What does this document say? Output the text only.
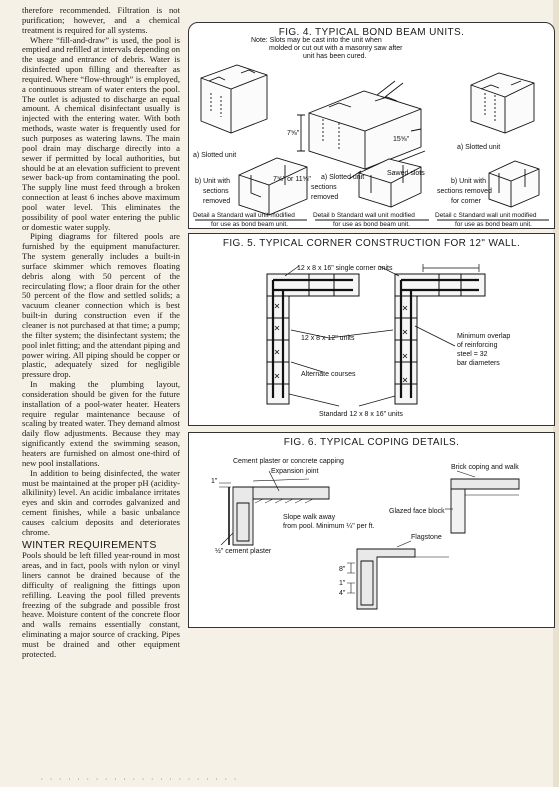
therefore recommended. Filtration is not purification; however, and a chemical treatment is required for all systems.

Where “fill-and-draw” is used, the pool is emptied and refilled at intervals depending on the usage and entrance of debris. Water is disinfected upon filling and thereafter as required. Where “flow-through” is employed, a continuous stream of water enters the pool. The outlet is adjusted to discharge an equal amount. A chemical disinfectant usually is injected with the entering water. With both methods, waste water is frequently used for such purposes as watering lawns. The main pool drain may discharge directly into a sewer if permitted by local authorities, but should be at an elevation sufficient to prevent sewer back-up from contaminating the pool. The supply line must feed through a broken connection at least 6 inches above maximum pool water level. This eliminates the possibility of pool water entering the public or domestic water supply.

Piping diagrams for filtered pools are furnished by the equipment manufacturer. The system generally includes a built-in surface skimmer which removes floating debris along with 50 percent of the recirculating flow; a floor drain for the other 50 percent of the flow and settled solids; a vacuum cleaner connection which is best built-in during construction even if the cleaner is not purchased at that time; a pump; the filter system; the disinfectant system; the pool inlet fitting; and the attendant piping and power wiring. All piping should be copper or plastic, adequately sized for negligible pressure drop.

In making the plumbing layout, consideration should be given for the future installation of a pool-water heater. Heaters require regular maintenance because of scaling by treated water. They demand almost daily flow adjustments. Because they may significantly extend the swimming season, heaters are furnished on almost one-third of new pool installations.

In addition to being disinfected, the water must be maintained at the proper pH (acidity-alkilinity) level. An acidic imbalance irritates eyes and skin and corrodes galvanized and cement finishes, while a basic unbalance causes calcium deposits and deteriorates chrome.

WINTER REQUIREMENTS

Pools should be left filled year-round in most areas, and in fact, pools with nylon or vinyl liners cannot be drained because of the difficulty of realigning the fittings upon refilling. Leaving the pool filled prevents freezing of the subgrade and possible frost heave. Moisture content of the concrete floor and walls remains essentially constant, eliminating a major source of cracking. Pipes must be drained and other equipment protected.

FIG. 4. TYPICAL BOND BEAM UNITS.
Note: Slots may be cast into the unit when
molded or cut out with a masonry saw after
unit has been cured.
7⅝"
15⅝"
7⅝" or 11⅝"
Sawed slots
a) Slotted unit
a) Slotted unit
a) Slotted unit
b) Unit with
sections
removed
sections
removed
b) Unit with
sections removed
for corner
Detail a Standard wall unit modified
for use as bond beam unit.
Detail b Standard wall unit modified
for use as bond beam unit.
Detail c Standard wall unit modified
for use as bond beam unit.
FIG. 5. TYPICAL CORNER CONSTRUCTION FOR 12" WALL.
12 x 8 x 16" single corner units
12 x 8 x 12" units
Alternate courses
Minimum overlap
of reinforcing
steel = 32
bar diameters
Standard 12 x 8 x 16" units
FIG. 6. TYPICAL COPING DETAILS.
Cement plaster or concrete capping
1"
Expansion joint
Brick coping and walk
Glazed face block
Slope walk away
from pool. Minimum ¼" per ft.
½" cement plaster
Flagstone
8"
1"
4"
· · · · · · · · · · · · · · · · · · · · · ·
